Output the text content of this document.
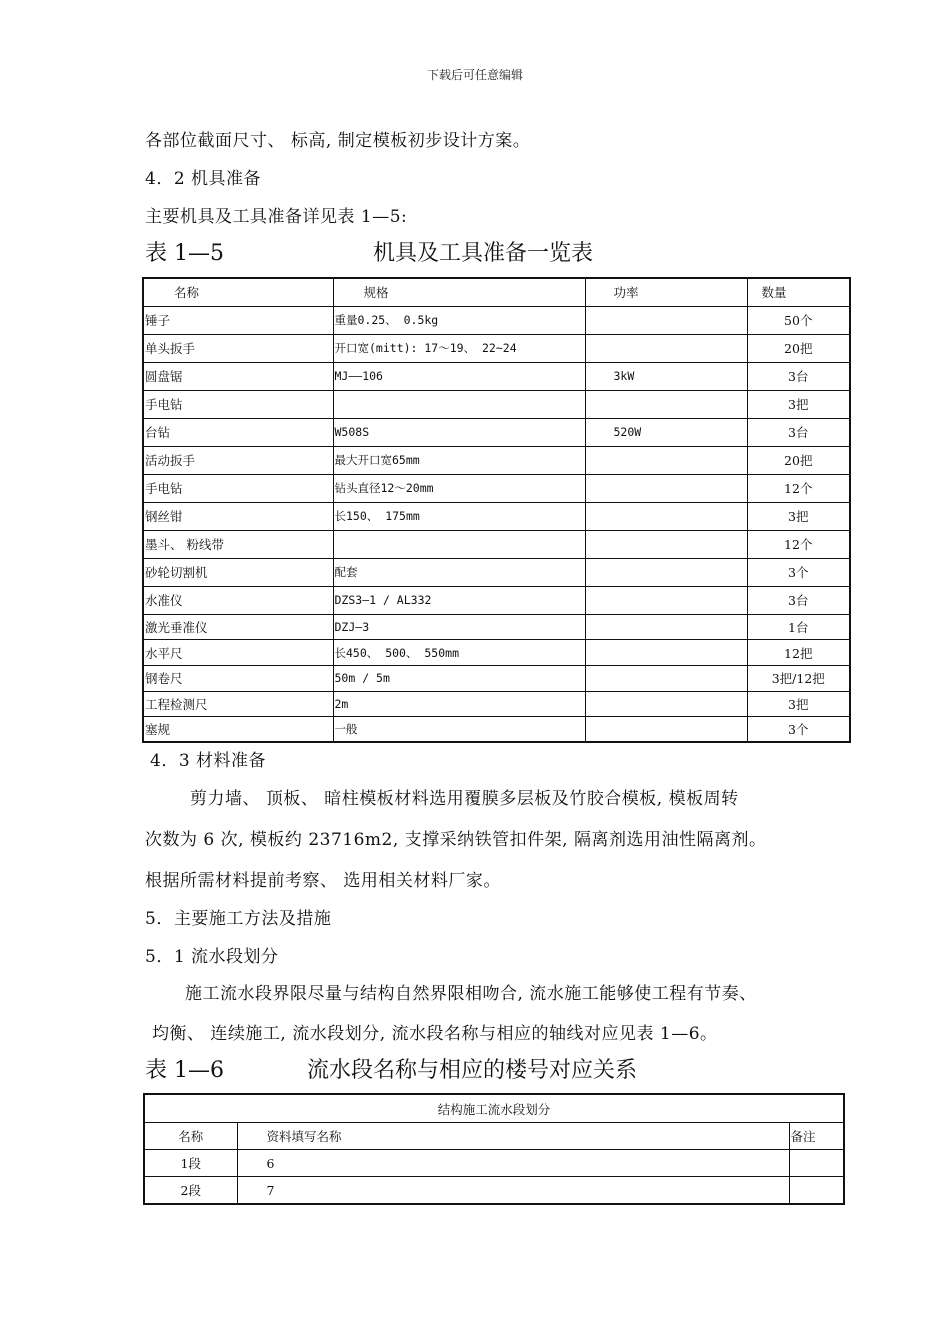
下载后可任意编辑
各部位截面尺寸、 标高, 制定模板初步设计方案。
4．2 机具准备
主要机具及工具准备详见表 1—5:
表 1—5	机具及工具准备一览表
名称	规格	功率	数量
锤子	重量0.25、 0.5kg		50个
单头扳手	开口宽(mitt): 17～19、 22~24		20把
圆盘锯	MJ——106	3kW	3台
手电钻			3把
台钻	W508S	520W	3台
活动扳手	最大开口宽65mm		20把
手电钻	钻头直径12～20mm		12个
钢丝钳	长150、 175mm		3把
墨斗、 粉线带			12个
砂轮切割机	配套		3个
水准仪	DZS3—1 / AL332		3台
激光垂准仪	DZJ—3		1台
水平尺	长450、 500、 550mm		12把
钢卷尺	50m / 5m		3把/12把
工程检测尺	2m		3把
塞规	一般		3个
4．3 材料准备
剪力墙、 顶板、 暗柱模板材料选用覆膜多层板及竹胶合模板, 模板周转
次数为 6 次, 模板约 23716m2, 支撑采纳铁管扣件架, 隔离剂选用油性隔离剂。
根据所需材料提前考察、 选用相关材料厂家。
5．主要施工方法及措施
5．1 流水段划分
施工流水段界限尽量与结构自然界限相吻合, 流水施工能够使工程有节奏、
均衡、 连续施工, 流水段划分, 流水段名称与相应的轴线对应见表 1—6。
表 1—6	流水段名称与相应的楼号对应关系
结构施工流水段划分		
名称	资料填写名称	备注
1段	6	
2段	7	
